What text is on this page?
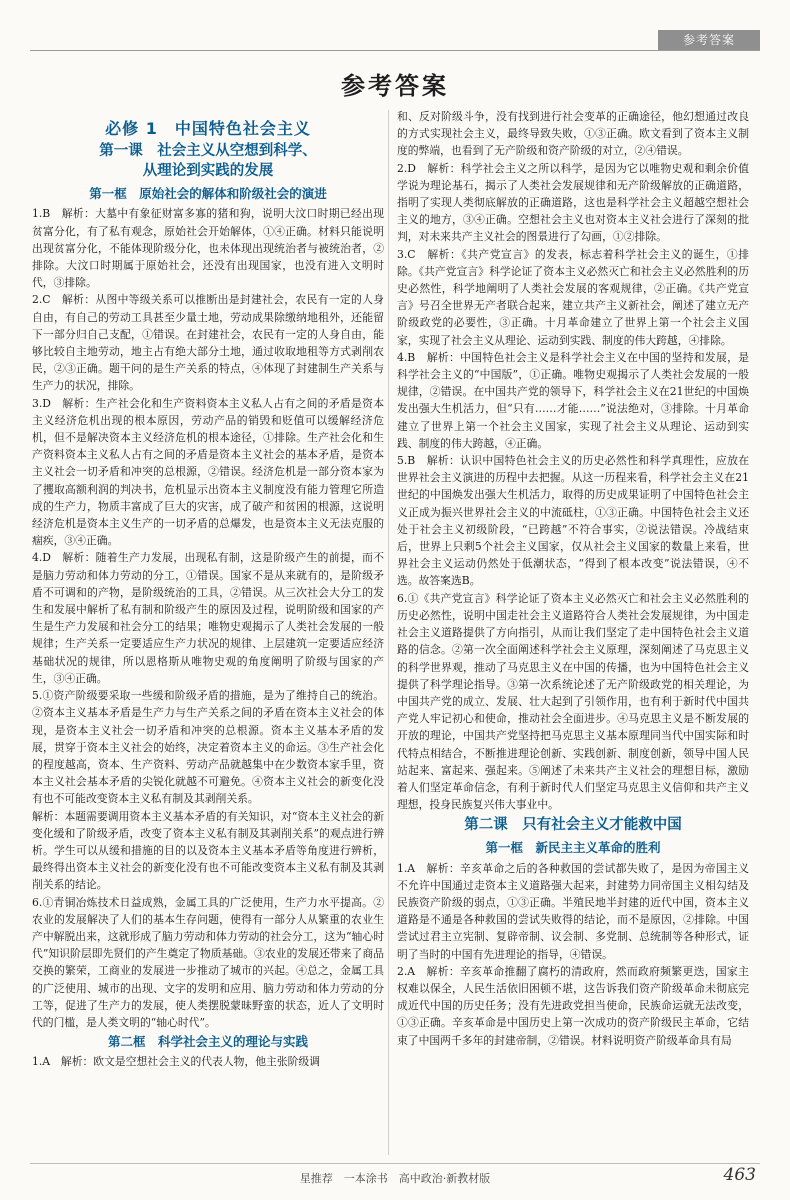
参考答案
参考答案
必修 1　中国特色社会主义
第一课　社会主义从空想到科学、
从理论到实践的发展
第一框　原始社会的解体和阶级社会的演进

1.B　解析：大墓中有象征财富多寡的猪和狗，说明大汶口时期已经出现贫富分化，有了私有观念，原始社会开始解体，①④正确。材料只能说明出现贫富分化，不能体现阶级分化，也未体现出现统治者与被统治者，②排除。大汶口时期属于原始社会，还没有出现国家，也没有进入文明时代，③排除。

2.C　解析：从图中等级关系可以推断出是封建社会，农民有一定的人身自由，有自己的劳动工具甚至少量土地，劳动成果除缴纳地租外，还能留下一部分归自己支配，①错误。在封建社会，农民有一定的人身自由，能够比较自主地劳动，地主占有绝大部分土地，通过收取地租等方式剥削农民，②③正确。题干问的是生产关系的特点，④体现了封建制生产关系与生产力的状况，排除。

3.D　解析：生产社会化和生产资料资本主义私人占有之间的矛盾是资本主义经济危机出现的根本原因，劳动产品的销毁和贬值可以缓解经济危机，但不是解决资本主义经济危机的根本途径，①排除。生产社会化和生产资料资本主义私人占有之间的矛盾是资本主义社会的基本矛盾，是资本主义社会一切矛盾和冲突的总根源，②错误。经济危机是一部分资本家为了攫取高额利润的判决书，危机显示出资本主义制度没有能力管理它所造成的生产力，物质丰富成了巨大的灾害，成了破产和贫困的根源，这说明经济危机是资本主义生产的一切矛盾的总爆发，也是资本主义无法克服的痼疾，③④正确。

4.D　解析：随着生产力发展，出现私有制，这是阶级产生的前提，而不是脑力劳动和体力劳动的分工，①错误。国家不是从来就有的，是阶级矛盾不可调和的产物，是阶级统治的工具，②错误。从三次社会大分工的发生和发展中解析了私有制和阶级产生的原因及过程，说明阶级和国家的产生是生产力发展和社会分工的结果；唯物史观揭示了人类社会发展的一般规律；生产关系一定要适应生产力状况的规律、上层建筑一定要适应经济基础状况的规律，所以恩格斯从唯物史观的角度阐明了阶级与国家的产生，③④正确。

5.①资产阶级要采取一些缓和阶级矛盾的措施，是为了维持自己的统治。②资本主义基本矛盾是生产力与生产关系之间的矛盾在资本主义社会的体现，是资本主义社会一切矛盾和冲突的总根源。资本主义基本矛盾的发展，贯穿于资本主义社会的始终，决定着资本主义的命运。③生产社会化的程度越高，资本、生产资料、劳动产品就越集中在少数资本家手里，资本主义社会基本矛盾的尖锐化就越不可避免。④资本主义社会的新变化没有也不可能改变资本主义私有制及其剥削关系。

解析：本题需要调用资本主义基本矛盾的有关知识，对“资本主义社会的新变化缓和了阶级矛盾，改变了资本主义私有制及其剥削关系”的观点进行辨析。学生可以从缓和措施的目的以及资本主义基本矛盾等角度进行辨析，最终得出资本主义社会的新变化没有也不可能改变资本主义私有制及其剥削关系的结论。

6.①青铜冶炼技术日益成熟，金属工具的广泛使用，生产力水平提高。②农业的发展解决了人们的基本生存问题，使得有一部分人从繁重的农业生产中解脱出来，这就形成了脑力劳动和体力劳动的社会分工，这为“轴心时代”知识阶层即先贤们的产生奠定了物质基础。③农业的发展还带来了商品交换的繁荣，工商业的发展进一步推动了城市的兴起。④总之，金属工具的广泛使用、城市的出现、文字的发明和应用、脑力劳动和体力劳动的分工等，促进了生产力的发展，使人类摆脱蒙昧野蛮的状态，近人了文明时代的门槛，是人类文明的“轴心时代”。

第二框　科学社会主义的理论与实践

1.A　解析：欧文是空想社会主义的代表人物，他主张阶级调

和、反对阶级斗争，没有找到进行社会变革的正确途径，他幻想通过改良的方式实现社会主义，最终导致失败，①③正确。欧文看到了资本主义制度的弊端，也看到了无产阶级和资产阶级的对立，②④错误。

2.D　解析：科学社会主义之所以科学，是因为它以唯物史观和剩余价值学说为理论基石，揭示了人类社会发展规律和无产阶级解放的正确道路，指明了实现人类彻底解放的正确道路，这也是科学社会主义超越空想社会主义的地方，③④正确。空想社会主义也对资本主义社会进行了深刻的批判，对未来共产主义社会的图景进行了勾画，①②排除。

3.C　解析：《共产党宣言》的发表，标志着科学社会主义的诞生，①排除。《共产党宣言》科学论证了资本主义必然灭亡和社会主义必然胜利的历史必然性，科学地阐明了人类社会发展的客观规律，②正确。《共产党宣言》号召全世界无产者联合起来，建立共产主义新社会，阐述了建立无产阶级政党的必要性，③正确。十月革命建立了世界上第一个社会主义国家，实现了社会主义从理论、运动到实践、制度的伟大跨越，④排除。

4.B　解析：中国特色社会主义是科学社会主义在中国的坚持和发展，是科学社会主义的“中国版”，①正确。唯物史观揭示了人类社会发展的一般规律，②错误。在中国共产党的领导下，科学社会主义在21世纪的中国焕发出强大生机活力，但“只有……才能……”说法绝对，③排除。十月革命建立了世界上第一个社会主义国家，实现了社会主义从理论、运动到实践、制度的伟大跨越，④正确。

5.B　解析：认识中国特色社会主义的历史必然性和科学真理性，应放在世界社会主义演进的历程中去把握。从这一历程来看，科学社会主义在21世纪的中国焕发出强大生机活力，取得的历史成果证明了中国特色社会主义正成为振兴世界社会主义的中流砥柱，①③正确。中国特色社会主义还处于社会主义初级阶段，“已跨越”不符合事实，②说法错误。冷战结束后，世界上只剩5个社会主义国家，仅从社会主义国家的数量上来看，世界社会主义运动仍然处于低潮状态，“得到了根本改变”说法错误，④不选。故答案选B。

6.①《共产党宣言》科学论证了资本主义必然灭亡和社会主义必然胜利的历史必然性，说明中国走社会主义道路符合人类社会发展规律，为中国走社会主义道路提供了方向指引，从而让我们坚定了走中国特色社会主义道路的信念。②第一次全面阐述科学社会主义原理，深刻阐述了马克思主义的科学世界观，推动了马克思主义在中国的传播，也为中国特色社会主义提供了科学理论指导。③第一次系统论述了无产阶级政党的相关理论，为中国共产党的成立、发展、壮大起到了引领作用，也有利于新时代中国共产党人牢记初心和使命，推动社会全面进步。④马克思主义是不断发展的开放的理论，中国共产党坚持把马克思主义基本原理同当代中国实际和时代特点相结合，不断推进理论创新、实践创新、制度创新，领导中国人民站起来、富起来、强起来。⑤阐述了未来共产主义社会的理想目标，激励着人们坚定革命信念，有利于新时代人们坚定马克思主义信仰和共产主义理想，投身民族复兴伟大事业中。

第二课　只有社会主义才能救中国
第一框　新民主主义革命的胜利

1.A　解析：辛亥革命之后的各种救国的尝试都失败了，是因为帝国主义不允许中国通过走资本主义道路强大起来，封建势力同帝国主义相勾结及民族资产阶级的弱点，①③正确。半殖民地半封建的近代中国，资本主义道路是不通是各种救国的尝试失败得的结论，而不是原因，②排除。中国尝试过君主立宪制、复辟帝制、议会制、多党制、总统制等各种形式，证明了当时的中国有先进理论的指导，④错误。

2.A　解析：辛亥革命推翻了腐朽的清政府，然而政府频繁更迭，国家主权难以保全，人民生活依旧困顿不堪，这告诉我们资产阶级革命未彻底完成近代中国的历史任务；没有先进政党担当使命，民族命运就无法改变，①③正确。辛亥革命是中国历史上第一次成功的资产阶级民主革命，它结束了中国两千多年的封建帝制，②错误。材料说明资产阶级革命具有局

星推荐　一本涂书　高中政治·新教材版	463
